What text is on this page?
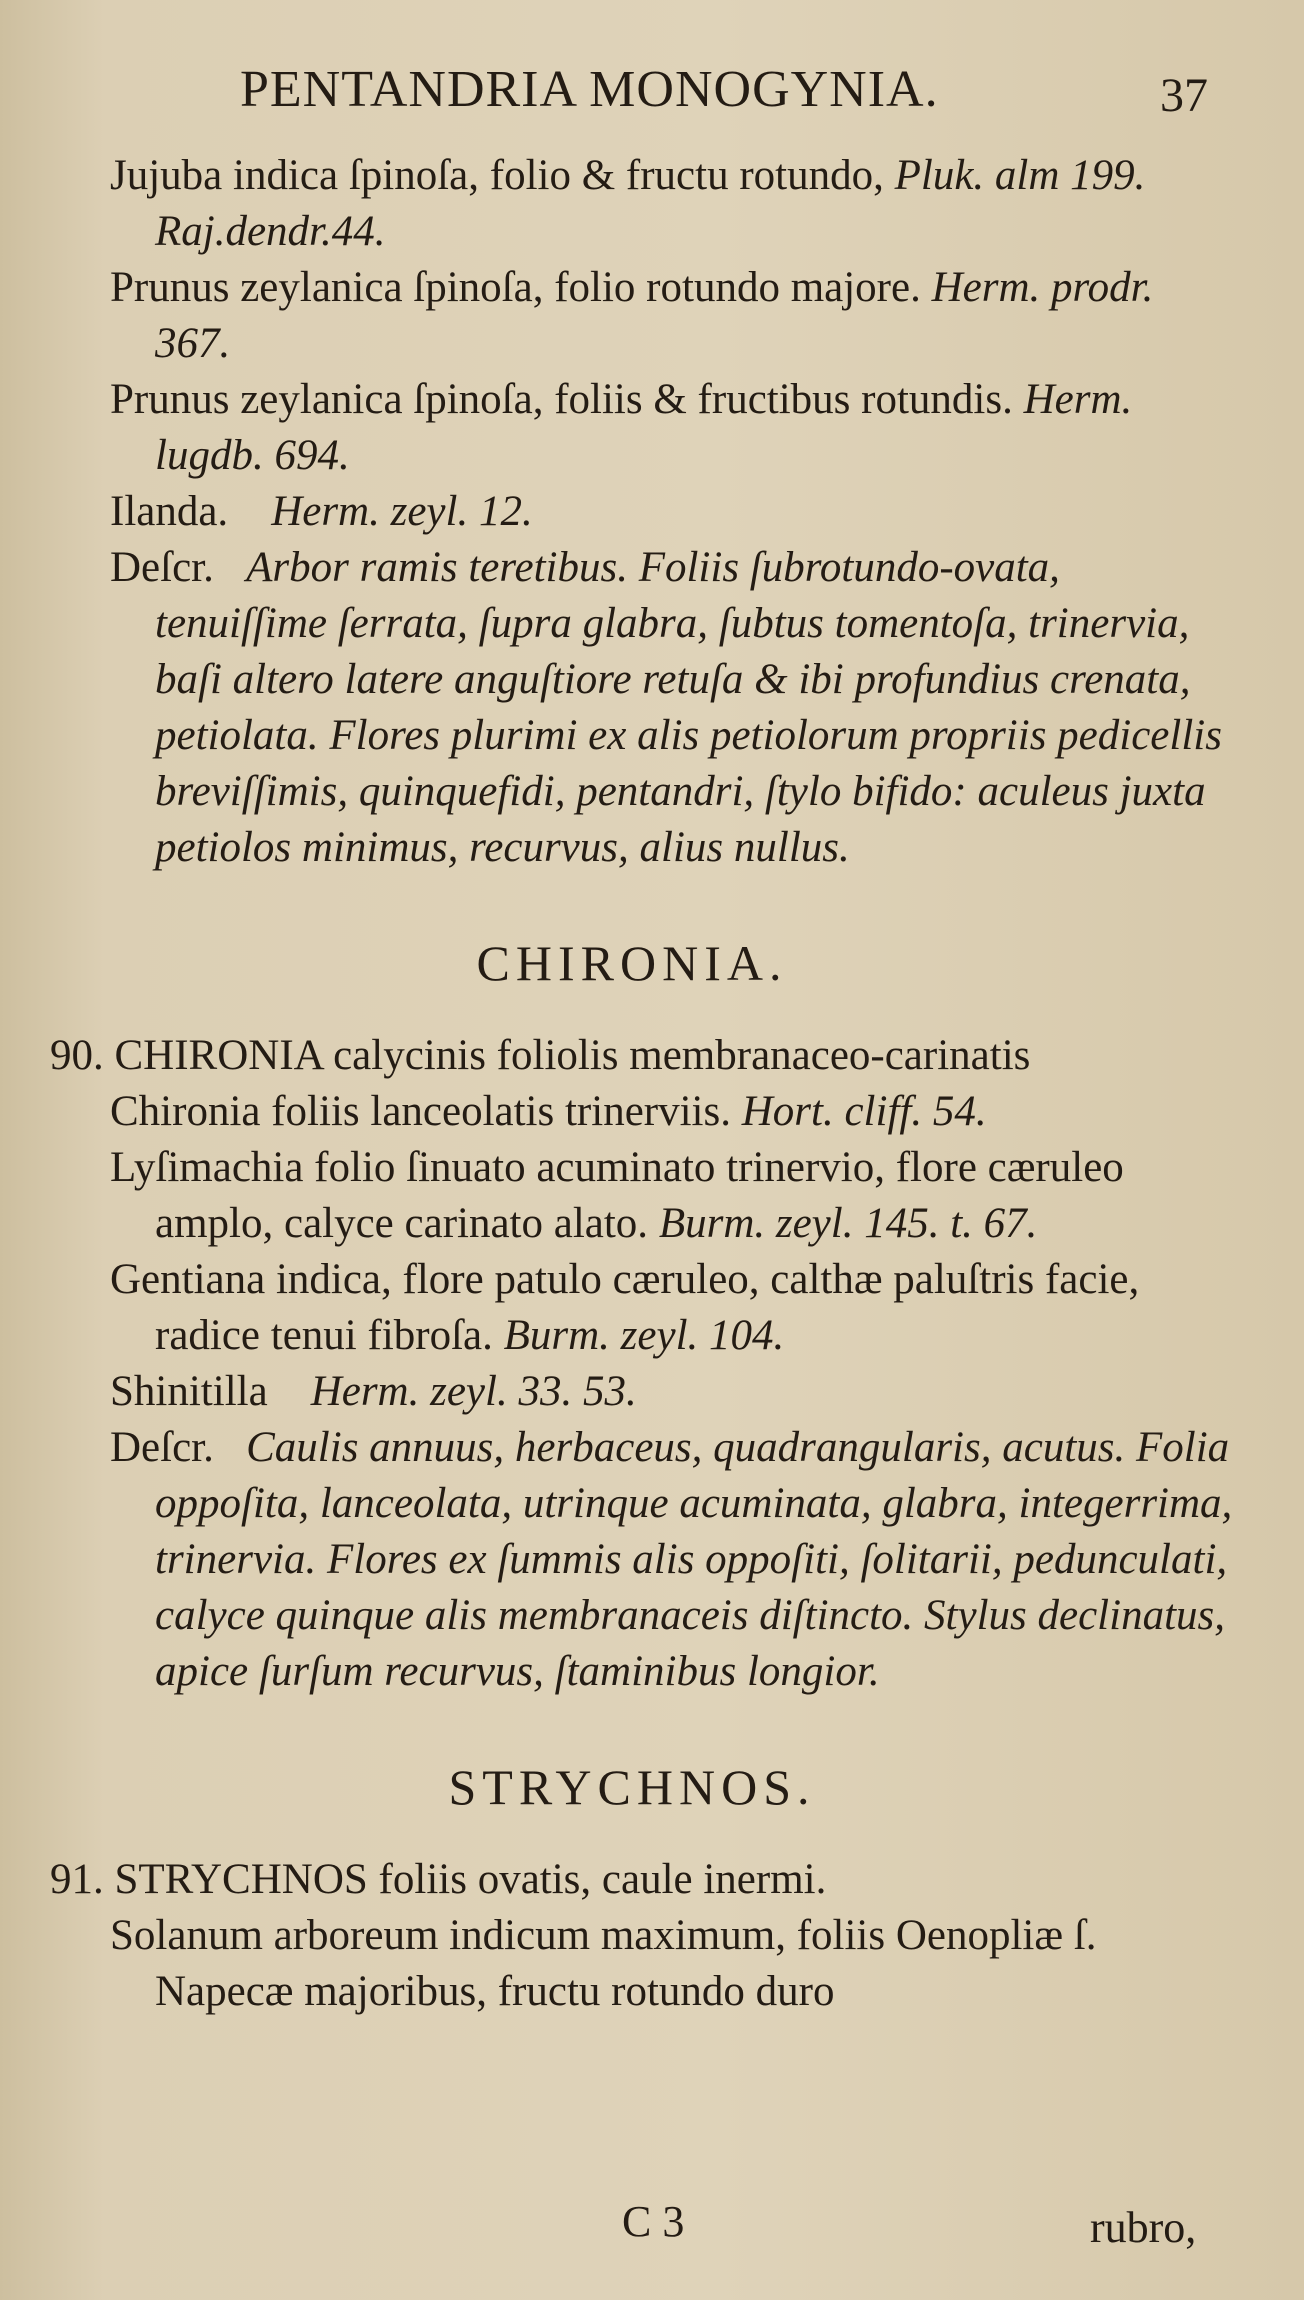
PENTANDRIA MONOGYNIA.	37
Jujuba indica ſpinoſa, folio & fructu rotundo, Pluk. alm 199. Raj.dendr.44.
Prunus zeylanica ſpinoſa, folio rotundo majore. Herm. prodr. 367.
Prunus zeylanica ſpinoſa, foliis & fructibus rotundis. Herm. lugdb. 694.
Ilanda. Herm. zeyl. 12.
Deſcr. Arbor ramis teretibus. Foliis ſubrotundo-ovata, tenuiſſime ſerrata, ſupra glabra, ſubtus tomentoſa, trinervia, baſi altero latere anguſtiore retuſa & ibi profundius crenata, petiolata. Flores plurimi ex alis petiolorum propriis pedicellis breviſſimis, quinquefidi, pentandri, ſtylo bifido: aculeus juxta petiolos minimus, recurvus, alius nullus.
CHIRONIA.
90. CHIRONIA calycinis foliolis membranaceo-carinatis
Chironia foliis lanceolatis trinerviis. Hort. cliff. 54.
Lyſimachia folio ſinuato acuminato trinervio, flore cæruleo amplo, calyce carinato alato. Burm. zeyl. 145. t. 67.
Gentiana indica, flore patulo cæruleo, calthæ paluſtris facie, radice tenui fibroſa. Burm. zeyl. 104.
Shinitilla Herm. zeyl. 33. 53.
Deſcr. Caulis annuus, herbaceus, quadrangularis, acutus. Folia oppoſita, lanceolata, utrinque acuminata, glabra, integerrima, trinervia. Flores ex ſummis alis oppoſiti, ſolitarii, pedunculati, calyce quinque alis membranaceis diſtincto. Stylus declinatus, apice ſurſum recurvus, ſtaminibus longior.
STRYCHNOS.
91. STRYCHNOS foliis ovatis, caule inermi.
Solanum arboreum indicum maximum, foliis Oenopliæ ſ. Napecæ majoribus, fructu rotundo duro
C 3	rubro,
